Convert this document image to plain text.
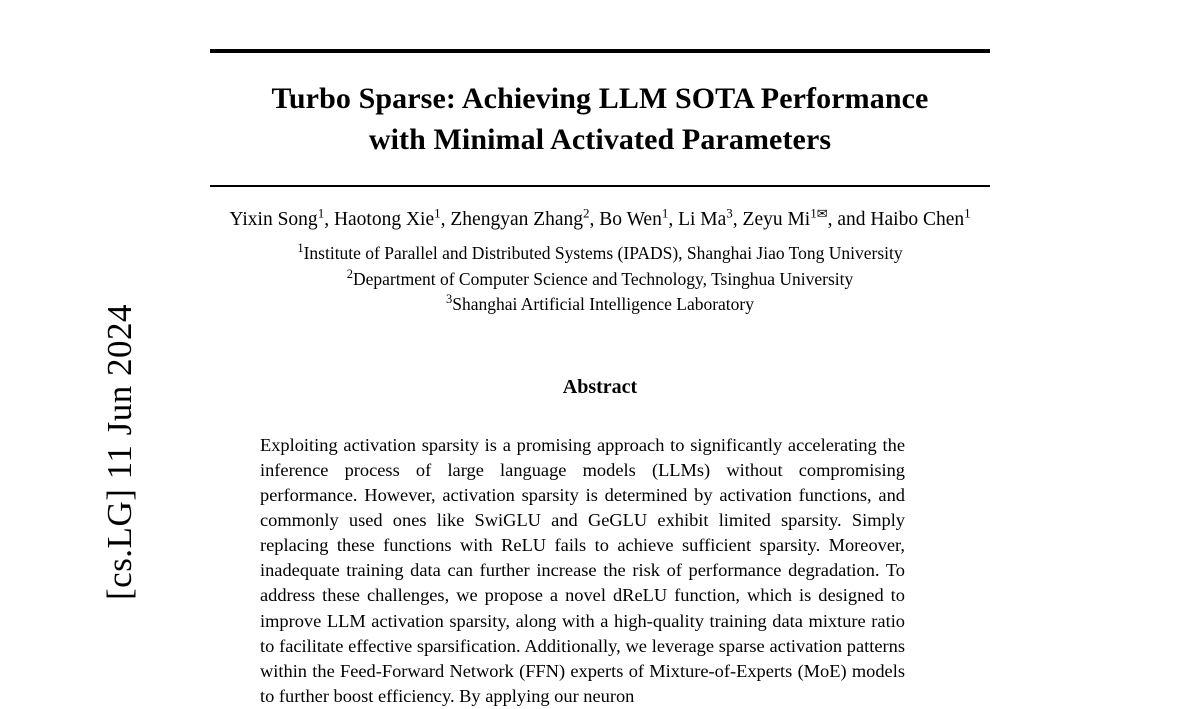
[cs.LG] 11 Jun 2024
Turbo Sparse: Achieving LLM SOTA Performance
with Minimal Activated Parameters
Yixin Song$^1$, Haotong Xie$^1$, Zhengyan Zhang$^2$, Bo Wen$^1$, Li Ma$^3$, Zeyu Mi$^1$✉, and Haibo Chen$^1$
$^1$Institute of Parallel and Distributed Systems (IPADS), Shanghai Jiao Tong University
$^2$Department of Computer Science and Technology, Tsinghua University
$^3$Shanghai Artificial Intelligence Laboratory
Abstract

Exploiting activation sparsity is a promising approach to significantly accelerating the inference process of large language models (LLMs) without compromising performance. However, activation sparsity is determined by activation functions, and commonly used ones like SwiGLU and GeGLU exhibit limited sparsity. Simply replacing these functions with ReLU fails to achieve sufficient sparsity. Moreover, inadequate training data can further increase the risk of performance degradation. To address these challenges, we propose a novel dReLU function, which is designed to improve LLM activation sparsity, along with a high-quality training data mixture ratio to facilitate effective sparsification. Additionally, we leverage sparse activation patterns within the Feed-Forward Network (FFN) experts of Mixture-of-Experts (MoE) models to further boost efficiency. By applying our neuron
